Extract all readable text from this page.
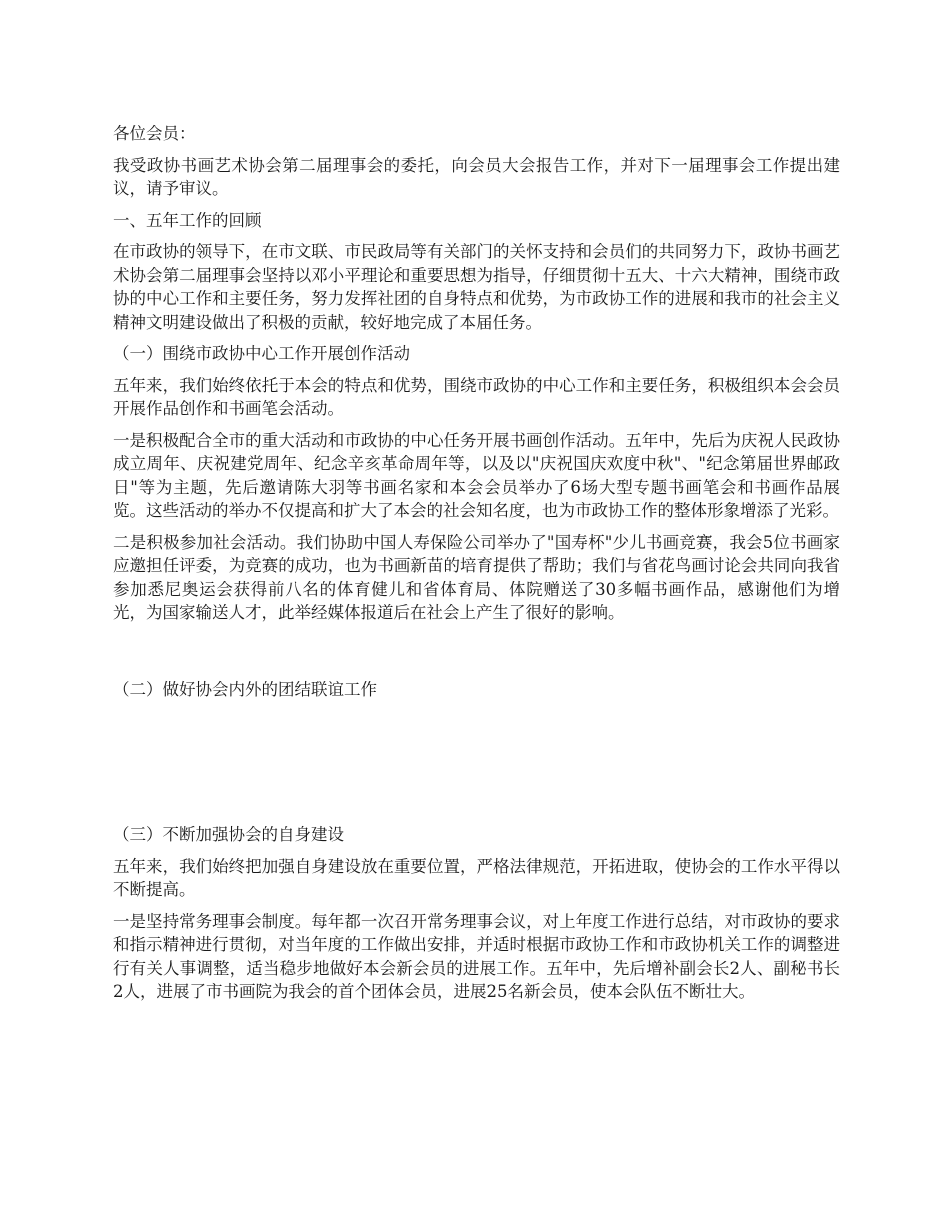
各位会员：

我受政协书画艺术协会第二届理事会的委托，向会员大会报告工作，并对下一届理事会工作提出建议，请予审议。

一、五年工作的回顾

在市政协的领导下，在市文联、市民政局等有关部门的关怀支持和会员们的共同努力下，政协书画艺术协会第二届理事会坚持以邓小平理论和重要思想为指导，仔细贯彻十五大、十六大精神，围绕市政协的中心工作和主要任务，努力发挥社团的自身特点和优势，为市政协工作的进展和我市的社会主义精神文明建设做出了积极的贡献，较好地完成了本届任务。

（一）围绕市政协中心工作开展创作活动

五年来，我们始终依托于本会的特点和优势，围绕市政协的中心工作和主要任务，积极组织本会会员开展作品创作和书画笔会活动。

一是积极配合全市的重大活动和市政协的中心任务开展书画创作活动。五年中，先后为庆祝人民政协成立周年、庆祝建党周年、纪念辛亥革命周年等，以及以"庆祝国庆欢度中秋"、"纪念第届世界邮政日"等为主题，先后邀请陈大羽等书画名家和本会会员举办了6场大型专题书画笔会和书画作品展览。这些活动的举办不仅提高和扩大了本会的社会知名度，也为市政协工作的整体形象增添了光彩。

二是积极参加社会活动。我们协助中国人寿保险公司举办了"国寿杯"少儿书画竞赛，我会5位书画家应邀担任评委，为竞赛的成功，也为书画新苗的培育提供了帮助；我们与省花鸟画讨论会共同向我省参加悉尼奥运会获得前八名的体育健儿和省体育局、体院赠送了30多幅书画作品，感谢他们为增光，为国家输送人才，此举经媒体报道后在社会上产生了很好的影响。

（二）做好协会内外的团结联谊工作

（三）不断加强协会的自身建设

五年来，我们始终把加强自身建设放在重要位置，严格法律规范，开拓进取，使协会的工作水平得以不断提高。

一是坚持常务理事会制度。每年都一次召开常务理事会议，对上年度工作进行总结，对市政协的要求和指示精神进行贯彻，对当年度的工作做出安排，并适时根据市政协工作和市政协机关工作的调整进行有关人事调整，适当稳步地做好本会新会员的进展工作。五年中，先后增补副会长2人、副秘书长2人，进展了市书画院为我会的首个团体会员，进展25名新会员，使本会队伍不断壮大。
